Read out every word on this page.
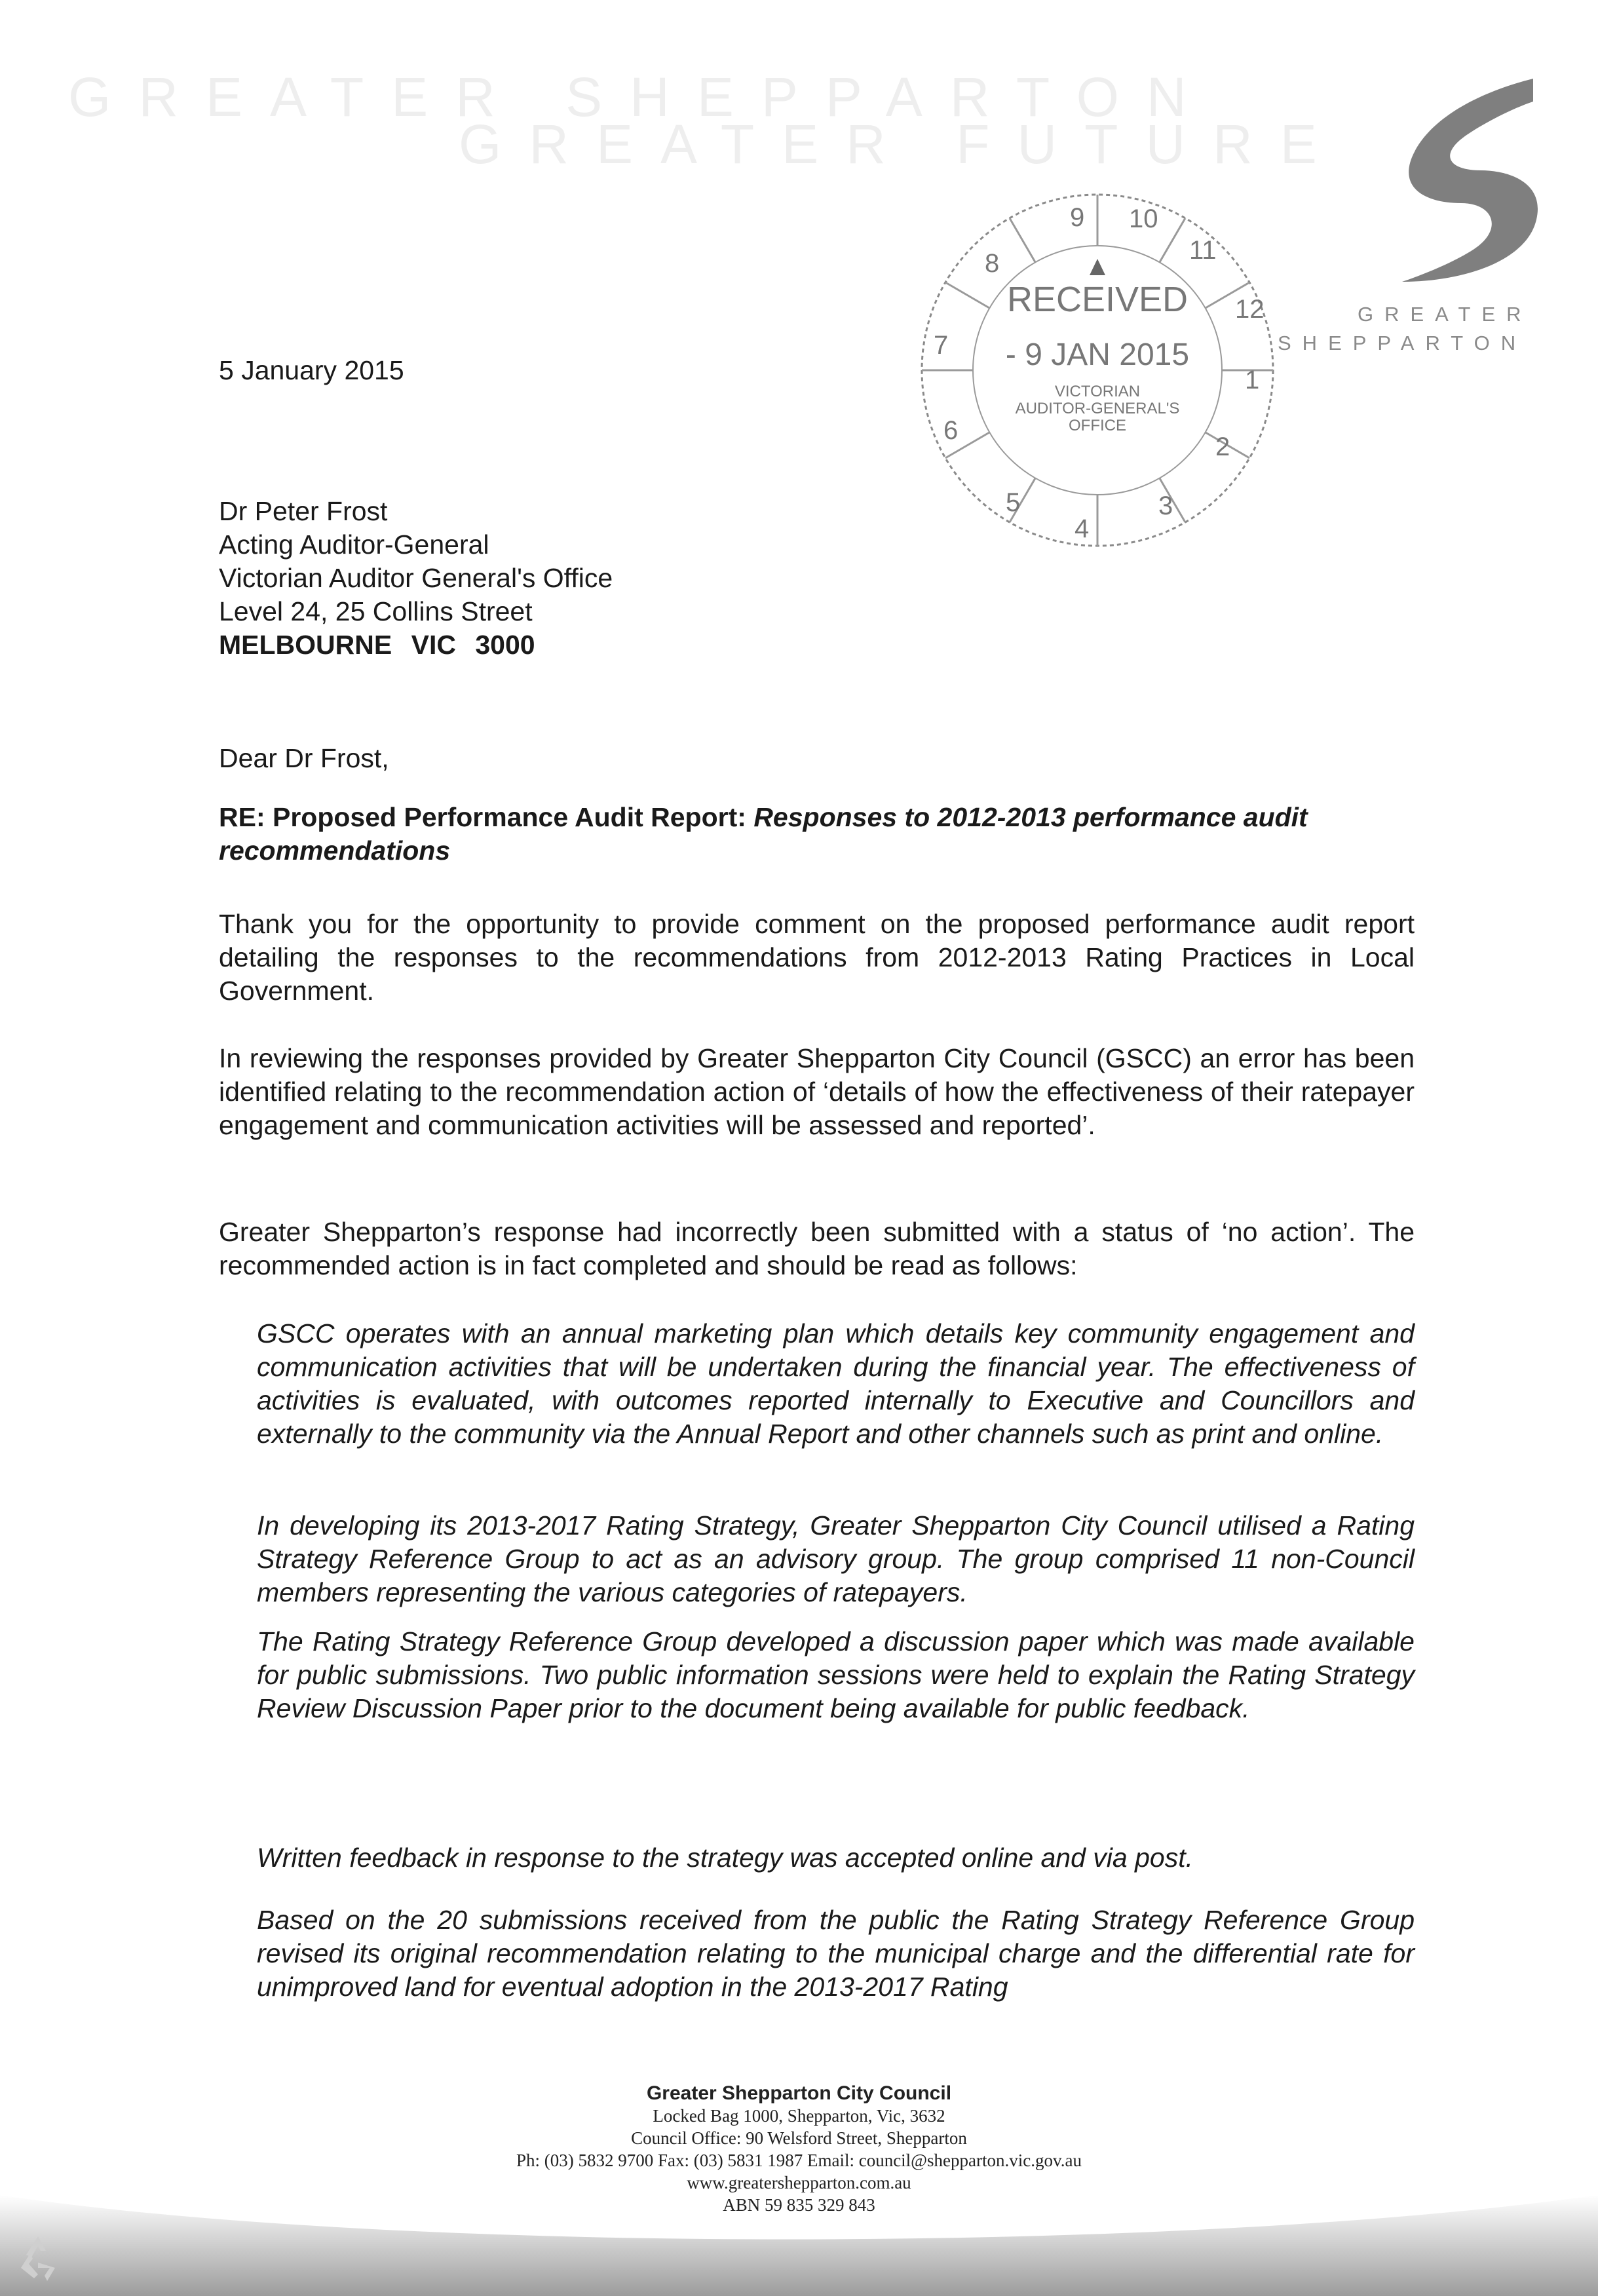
GREATER SHEPPARTON
GREATER FUTURE
GREATER
SHEPPARTON
9 10
11
12
1
2
3
4
5
6
7
8
RECEIVED
- 9 JAN 2015
VICTORIAN
AUDITOR-GENERAL'S
OFFICE
5 January 2015
Dr Peter Frost
Acting Auditor-General
Victorian Auditor General's Office
Level 24, 25 Collins Street
MELBOURNE VIC 3000
Dear Dr Frost,
RE: Proposed Performance Audit Report: Responses to 2012-2013 performance audit recommendations
Thank you for the opportunity to provide comment on the proposed performance audit report detailing the responses to the recommendations from 2012-2013 Rating Practices in Local Government.
In reviewing the responses provided by Greater Shepparton City Council (GSCC) an error has been identified relating to the recommendation action of ‘details of how the effectiveness of their ratepayer engagement and communication activities will be assessed and reported’.
Greater Shepparton’s response had incorrectly been submitted with a status of ‘no action’. The recommended action is in fact completed and should be read as follows:
GSCC operates with an annual marketing plan which details key community engagement and communication activities that will be undertaken during the financial year. The effectiveness of activities is evaluated, with outcomes reported internally to Executive and Councillors and externally to the community via the Annual Report and other channels such as print and online.
In developing its 2013-2017 Rating Strategy, Greater Shepparton City Council utilised a Rating Strategy Reference Group to act as an advisory group. The group comprised 11 non-Council members representing the various categories of ratepayers.
The Rating Strategy Reference Group developed a discussion paper which was made available for public submissions. Two public information sessions were held to explain the Rating Strategy Review Discussion Paper prior to the document being available for public feedback.
Written feedback in response to the strategy was accepted online and via post.
Based on the 20 submissions received from the public the Rating Strategy Reference Group revised its original recommendation relating to the municipal charge and the differential rate for unimproved land for eventual adoption in the 2013-2017 Rating
Greater Shepparton City Council
Locked Bag 1000, Shepparton, Vic, 3632
Council Office: 90 Welsford Street, Shepparton
Ph: (03) 5832 9700 Fax: (03) 5831 1987 Email: council@shepparton.vic.gov.au
www.greatershepparton.com.au
ABN 59 835 329 843
